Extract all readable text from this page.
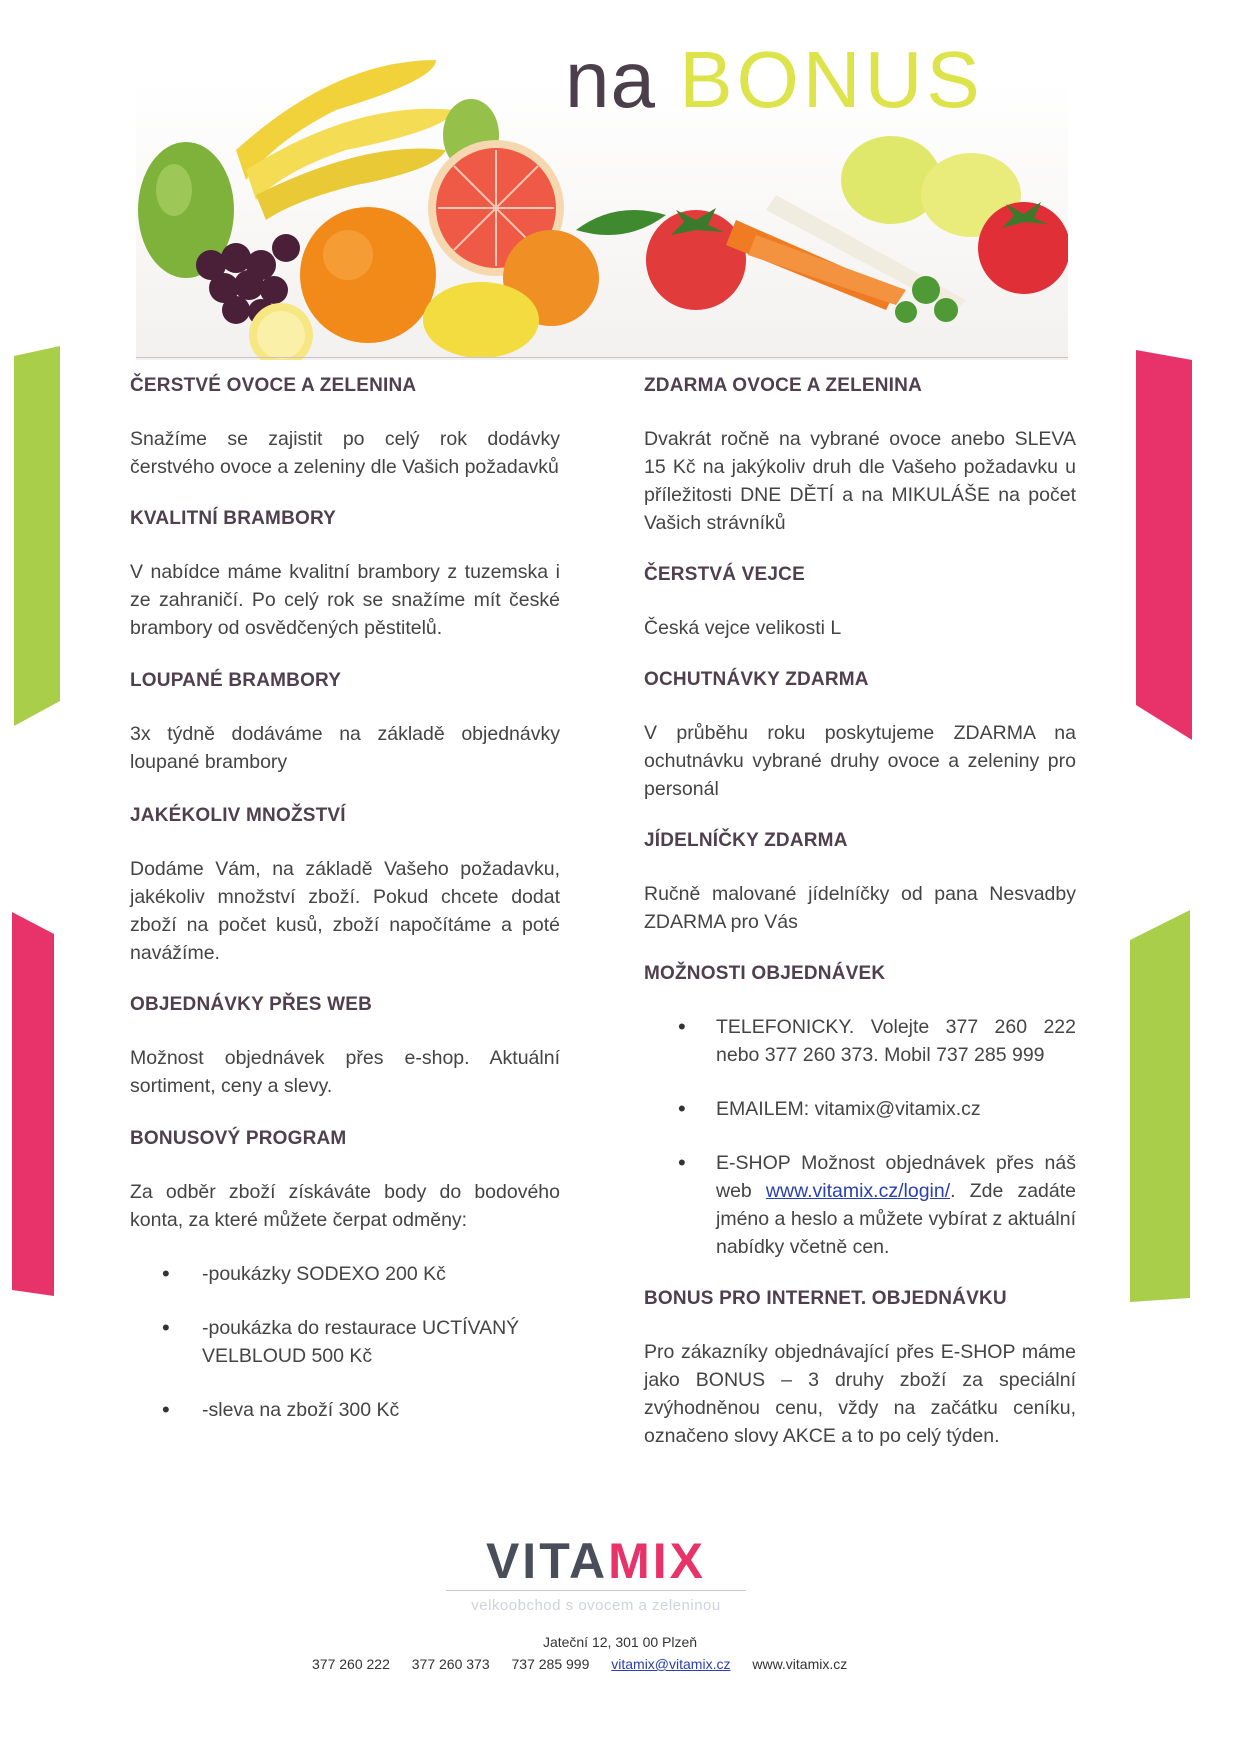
na BONUS
ČERSTVÉ OVOCE A ZELENINA

Snažíme se zajistit po celý rok dodávky čerstvého ovoce a zeleniny dle Vašich požadavků

KVALITNÍ BRAMBORY

V nabídce máme kvalitní brambory z tuzemska i ze zahraničí. Po celý rok se snažíme mít české brambory od osvědčených pěstitelů.

LOUPANÉ BRAMBORY

3x týdně dodáváme na základě objednávky loupané brambory

JAKÉKOLIV MNOŽSTVÍ

Dodáme Vám, na základě Vašeho požadavku, jakékoliv množství zboží. Pokud chcete dodat zboží na počet kusů, zboží napočítáme a poté navážíme.

OBJEDNÁVKY PŘES WEB

Možnost objednávek přes e-shop. Aktuální sortiment, ceny a slevy.

BONUSOVÝ PROGRAM

Za odběr zboží získáváte body do bodového konta, za které můžete čerpat odměny:

• -poukázky SODEXO 200 Kč
• -poukázka do restaurace UCTÍVANÝ VELBLOUD 500 Kč
• -sleva na zboží 300 Kč
ZDARMA OVOCE A ZELENINA

Dvakrát ročně na vybrané ovoce anebo SLEVA 15 Kč na jakýkoliv druh dle Vašeho požadavku u příležitosti DNE DĚTÍ a na MIKULÁŠE na počet Vašich strávníků

ČERSTVÁ VEJCE

Česká vejce velikosti L

OCHUTNÁVKY ZDARMA

V průběhu roku poskytujeme ZDARMA na ochutnávku vybrané druhy ovoce a zeleniny pro personál

JÍDELNÍČKY ZDARMA

Ručně malované jídelníčky od pana Nesvadby ZDARMA pro Vás

MOŽNOSTI OBJEDNÁVEK
• TELEFONICKY. Volejte 377 260 222 nebo 377 260 373. Mobil 737 285 999
• EMAILEM: vitamix@vitamix.cz
• E-SHOP Možnost objednávek přes náš web www.vitamix.cz/login/. Zde zadáte jméno a heslo a můžete vybírat z aktuální nabídky včetně cen.
BONUS PRO INTERNET. OBJEDNÁVKU

Pro zákazníky objednávající přes E-SHOP máme jako BONUS – 3 druhy zboží za speciální zvýhodněnou cenu, vždy na začátku ceníku, označeno slovy AKCE a to po celý týden.

VITAMIX
velkoobchod s ovocem a zeleninou
Jateční 12, 301 00 Plzeň
377 260 222 377 260 373 737 285 999 vitamix@vitamix.cz www.vitamix.cz
